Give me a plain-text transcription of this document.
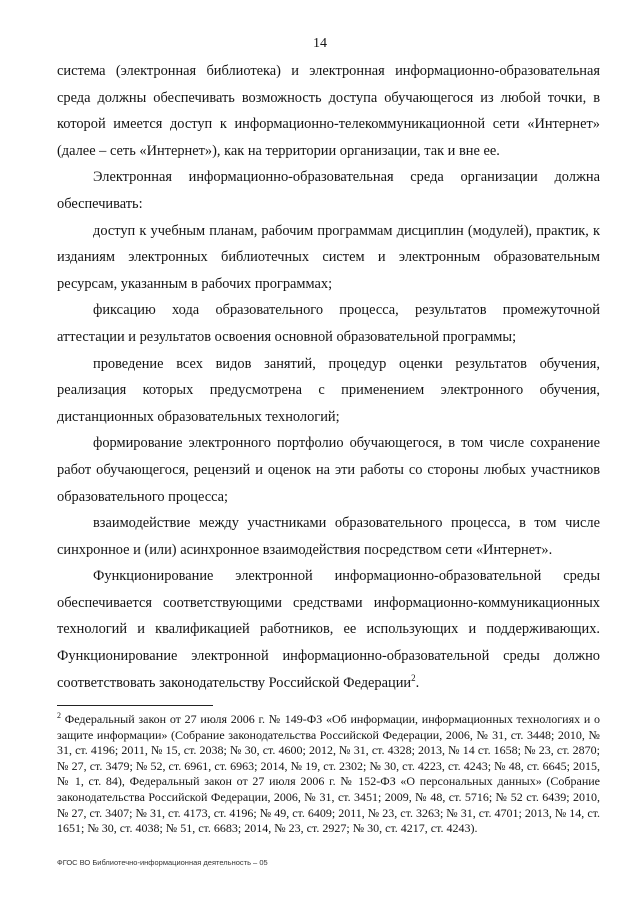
14

система (электронная библиотека) и электронная информационно-образовательная среда должны обеспечивать возможность доступа обучающегося из любой точки, в которой имеется доступ к информационно-телекоммуникационной сети «Интернет» (далее – сеть «Интернет»), как на территории организации, так и вне ее.

Электронная информационно-образовательная среда организации должна обеспечивать:

доступ к учебным планам, рабочим программам дисциплин (модулей), практик, к изданиям электронных библиотечных систем и электронным образовательным ресурсам, указанным в рабочих программах;

фиксацию хода образовательного процесса, результатов промежуточной аттестации и результатов освоения основной образовательной программы;

проведение всех видов занятий, процедур оценки результатов обучения, реализация которых предусмотрена с применением электронного обучения, дистанционных образовательных технологий;

формирование электронного портфолио обучающегося, в том числе сохранение работ обучающегося, рецензий и оценок на эти работы со стороны любых участников образовательного процесса;

взаимодействие между участниками образовательного процесса, в том числе синхронное и (или) асинхронное взаимодействия посредством сети «Интернет».

Функционирование электронной информационно-образовательной среды обеспечивается соответствующими средствами информационно-коммуникационных технологий и квалификацией работников, ее использующих и поддерживающих. Функционирование электронной информационно-образовательной среды должно соответствовать законодательству Российской Федерации$^2$.

$^2$ Федеральный закон от 27 июля 2006 г. № 149-ФЗ «Об информации, информационных технологиях и о защите информации» (Собрание законодательства Российской Федерации, 2006, № 31, ст. 3448; 2010, № 31, ст. 4196; 2011, № 15, ст. 2038; № 30, ст. 4600; 2012, № 31, ст. 4328; 2013, № 14 ст. 1658; № 23, ст. 2870; № 27, ст. 3479; № 52, ст. 6961, ст. 6963; 2014, № 19, ст. 2302; № 30, ст. 4223, ст. 4243; № 48, ст. 6645; 2015, № 1, ст. 84), Федеральный закон от 27 июля 2006 г. № 152-ФЗ «О персональных данных» (Собрание законодательства Российской Федерации, 2006, № 31, ст. 3451; 2009, № 48, ст. 5716; № 52 ст. 6439; 2010, № 27, ст. 3407; № 31, ст. 4173, ст. 4196; № 49, ст. 6409; 2011, № 23, ст. 3263; № 31, ст. 4701; 2013, № 14, ст. 1651; № 30, ст. 4038; № 51, ст. 6683; 2014, № 23, ст. 2927; № 30, ст. 4217, ст. 4243).

ФГОС ВО Библиотечно-информационная деятельность – 05
